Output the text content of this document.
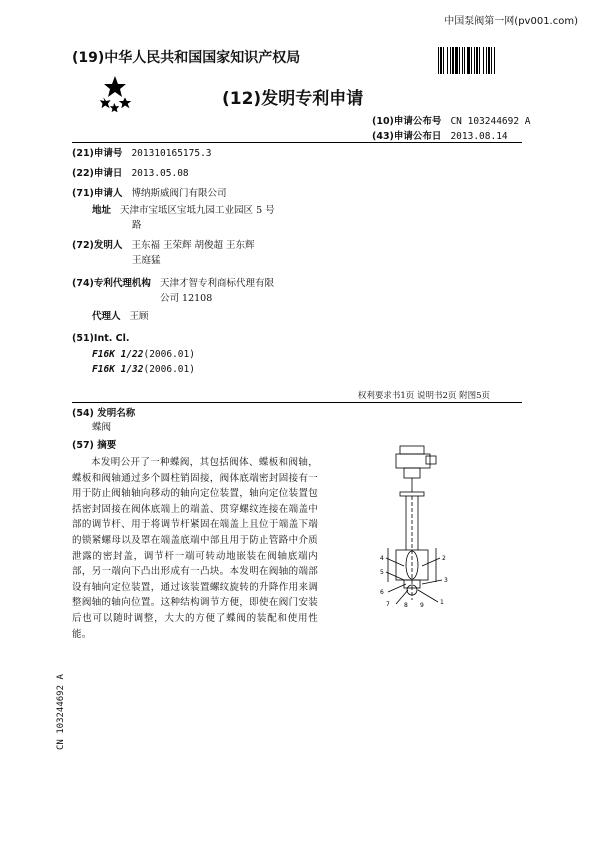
中国泵阀第一网(pv001.com)
(19)中华人民共和国国家知识产权局
(12)发明专利申请
(10)申请公布号 CN 103244692 A
(43)申请公布日 2013.08.14
(21)申请号 201310165175.3
(22)申请日 2013.05.08
(71)申请人 博纳斯威阀门有限公司
地址 天津市宝坻区宝坻九园工业园区 5 号
路
(72)发明人 王东福 王荣辉 胡俊超 王东辉
王庭猛
(74)专利代理机构 天津才智专利商标代理有限
公司 12108
代理人 王顾
(51)Int. Cl.
F16K 1/22(2006.01)
F16K 1/32(2006.01)
权利要求书1页 说明书2页 附图5页
(54) 发明名称
蝶阀
(57) 摘要
本发明公开了一种蝶阀，其包括阀体、蝶板和阀轴，蝶板和阀轴通过多个圆柱销固接，阀体底端密封固接有一用于防止阀轴轴向移动的轴向定位装置，轴向定位装置包括密封固接在阀体底端上的端盖、贯穿螺纹连接在端盖中部的调节杆、用于将调节杆紧固在端盖上且位于端盖下端的锁紧螺母以及罩在端盖底端中部且用于防止管路中介质泄露的密封盖，调节杆一端可转动地嵌装在阀轴底端内部，另一端向下凸出形成有一凸块。本发明在阀轴的端部设有轴向定位装置，通过该装置螺纹旋转的升降作用来调整阀轴的轴向位置。这种结构调节方便，即使在阀门安装后也可以随时调整，大大的方便了蝶阀的装配和使用性能。
4
5
6
7 8 9
2
3
1
CN 103244692 A
